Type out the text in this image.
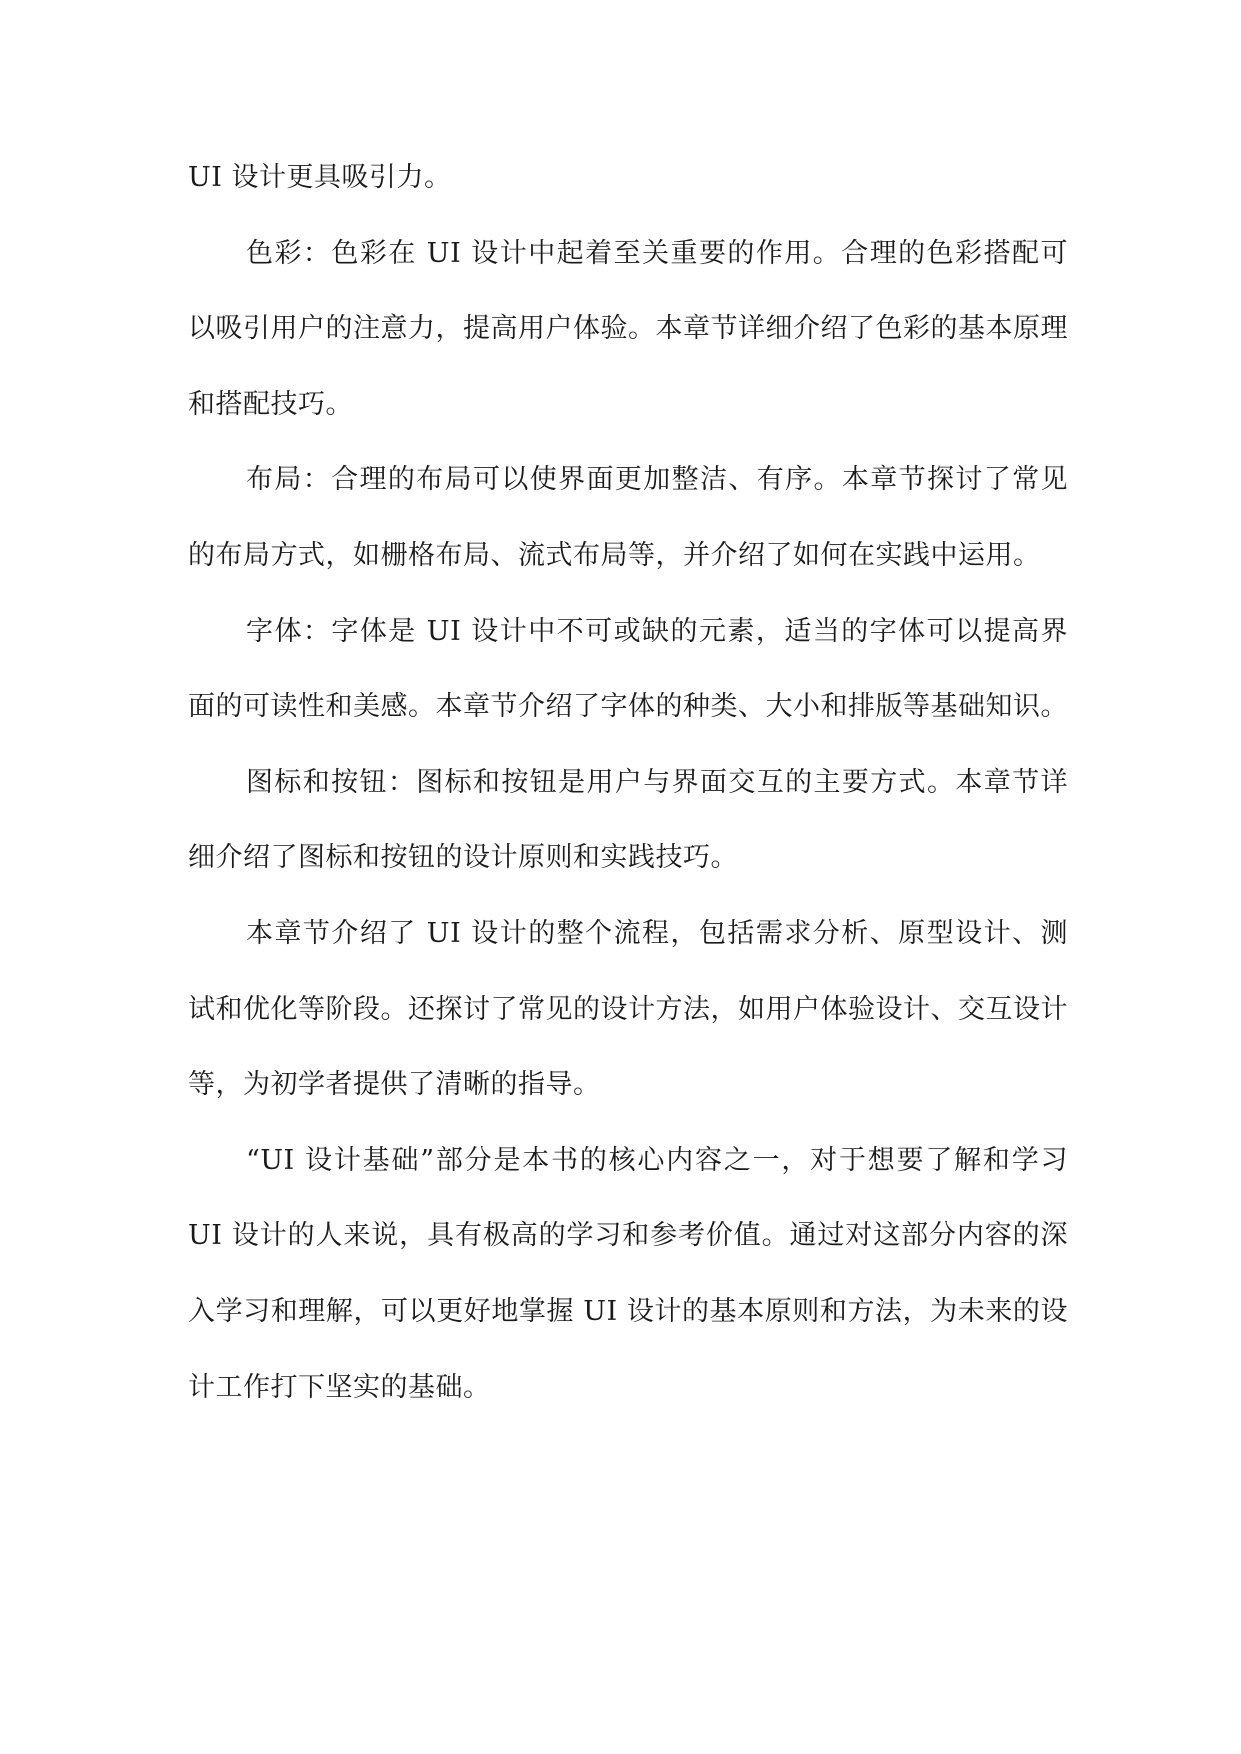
UI 设计更具吸引力。

色彩：色彩在 UI 设计中起着至关重要的作用。合理的色彩搭配可以吸引用户的注意力，提高用户体验。本章节详细介绍了色彩的基本原理和搭配技巧。

布局：合理的布局可以使界面更加整洁、有序。本章节探讨了常见的布局方式，如栅格布局、流式布局等，并介绍了如何在实践中运用。

字体：字体是 UI 设计中不可或缺的元素，适当的字体可以提高界面的可读性和美感。本章节介绍了字体的种类、大小和排版等基础知识。

图标和按钮：图标和按钮是用户与界面交互的主要方式。本章节详细介绍了图标和按钮的设计原则和实践技巧。

本章节介绍了 UI 设计的整个流程，包括需求分析、原型设计、测试和优化等阶段。还探讨了常见的设计方法，如用户体验设计、交互设计等，为初学者提供了清晰的指导。

“UI 设计基础”部分是本书的核心内容之一，对于想要了解和学习 UI 设计的人来说，具有极高的学习和参考价值。通过对这部分内容的深入学习和理解，可以更好地掌握 UI 设计的基本原则和方法，为未来的设计工作打下坚实的基础。
